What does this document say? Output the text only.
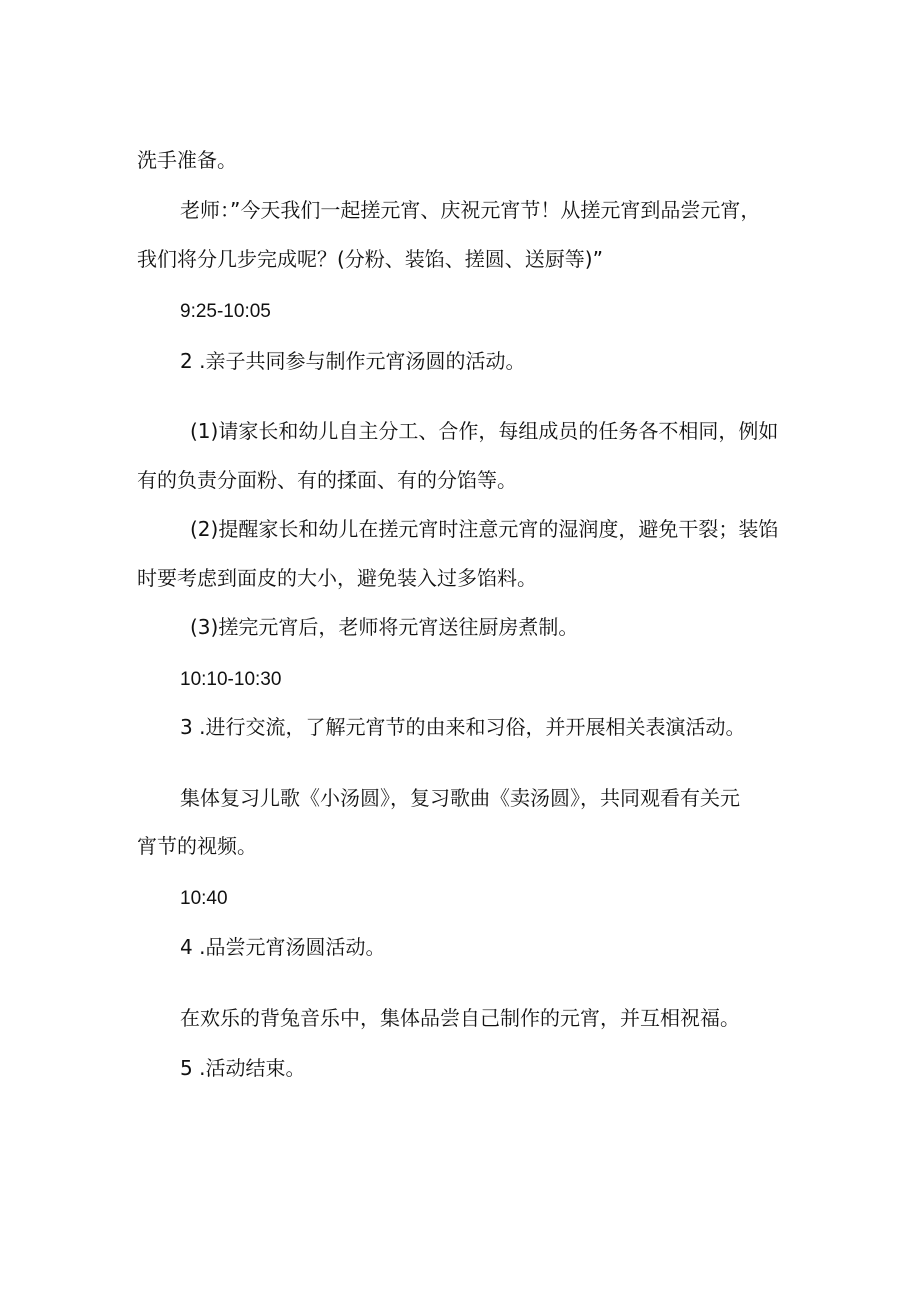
洗手准备。
老师：”今天我们一起搓元宵、庆祝元宵节！从搓元宵到品尝元宵，
我们将分几步完成呢？(分粉、装馅、搓圆、送厨等)”
9:25-10:05
2 .亲子共同参与制作元宵汤圆的活动。
(1)请家长和幼儿自主分工、合作，每组成员的任务各不相同，例如
有的负责分面粉、有的揉面、有的分馅等。
(2)提醒家长和幼儿在搓元宵时注意元宵的湿润度，避免干裂；装馅
时要考虑到面皮的大小，避免装入过多馅料。
(3)搓完元宵后，老师将元宵送往厨房煮制。
10:10-10:30
3 .进行交流，了解元宵节的由来和习俗，并开展相关表演活动。
集体复习儿歌《小汤圆》，复习歌曲《卖汤圆》，共同观看有关元
宵节的视频。
10:40
4 .品尝元宵汤圆活动。
在欢乐的背兔音乐中，集体品尝自己制作的元宵，并互相祝福。
5 .活动结束。
